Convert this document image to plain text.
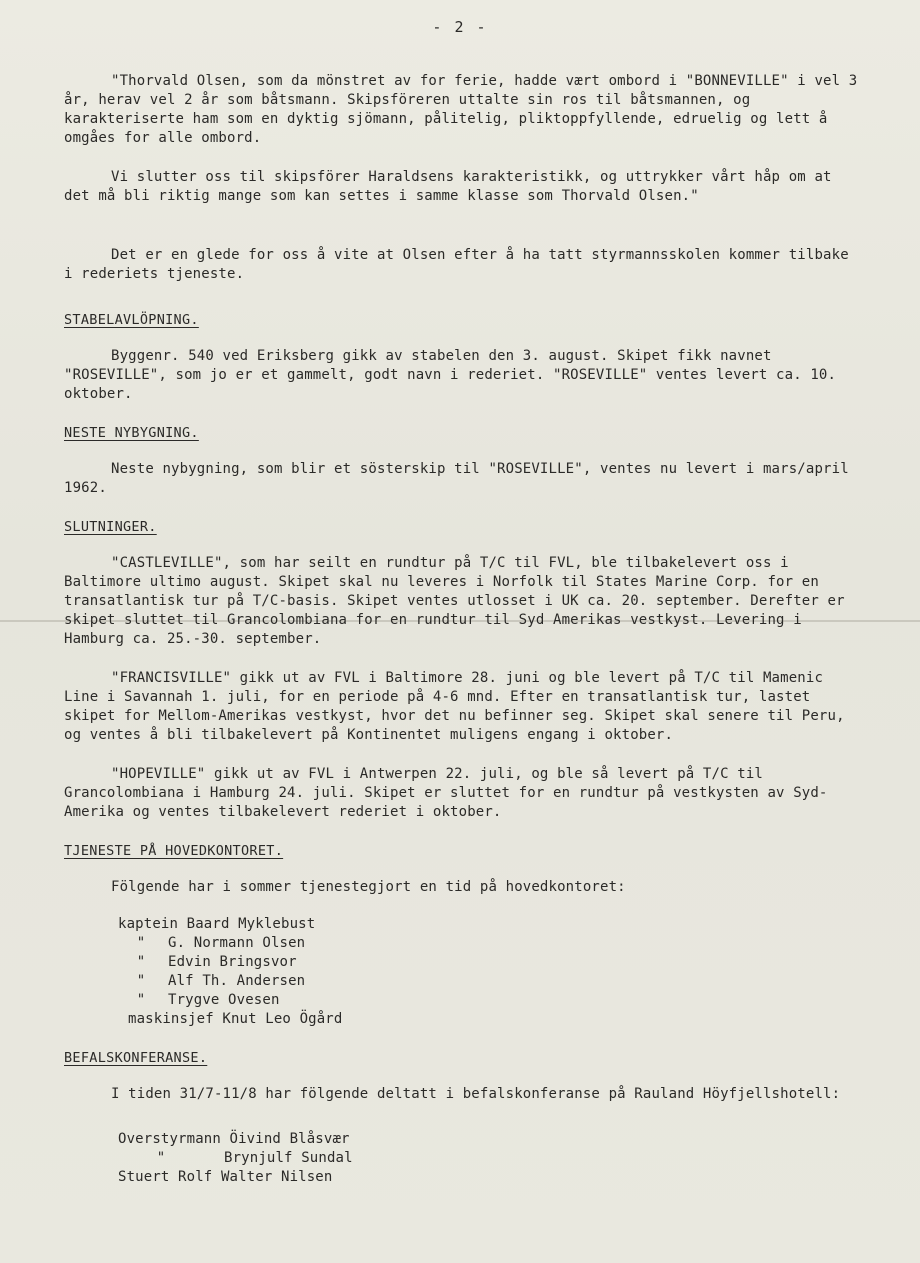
- 2 -

"Thorvald Olsen, som da mönstret av for ferie, hadde vært ombord i "BONNEVILLE" i vel 3 år, herav vel 2 år som båtsmann. Skipsföreren uttalte sin ros til båtsmannen, og karakteriserte ham som en dyktig sjömann, pålitelig, pliktoppfyllende, edruelig og lett å omgåes for alle ombord.

Vi slutter oss til skipsförer Haraldsens karakteristikk, og uttrykker vårt håp om at det må bli riktig mange som kan settes i samme klasse som Thorvald Olsen."

Det er en glede for oss å vite at Olsen efter å ha tatt styrmannsskolen kommer tilbake i rederiets tjeneste.

STABELAVLÖPNING.

Byggenr. 540 ved Eriksberg gikk av stabelen den 3. august. Skipet fikk navnet "ROSEVILLE", som jo er et gammelt, godt navn i rederiet. "ROSEVILLE" ventes levert ca. 10. oktober.

NESTE NYBYGNING.

Neste nybygning, som blir et sösterskip til "ROSEVILLE", ventes nu levert i mars/april 1962.

SLUTNINGER.

"CASTLEVILLE", som har seilt en rundtur på T/C til FVL, ble tilbakelevert oss i Baltimore ultimo august. Skipet skal nu leveres i Norfolk til States Marine Corp. for en transatlantisk tur på T/C-basis. Skipet ventes utlosset i UK ca. 20. september. Derefter er skipet sluttet til Grancolombiana for en rundtur til Syd Amerikas vestkyst. Levering i Hamburg ca. 25.-30. september.

"FRANCISVILLE" gikk ut av FVL i Baltimore 28. juni og ble levert på T/C til Mamenic Line i Savannah 1. juli, for en periode på 4-6 mnd. Efter en transatlantisk tur, lastet skipet for Mellom-Amerikas vestkyst, hvor det nu befinner seg. Skipet skal senere til Peru, og ventes å bli tilbakelevert på Kontinentet muligens engang i oktober.

"HOPEVILLE" gikk ut av FVL i Antwerpen 22. juli, og ble så levert på T/C til Grancolombiana i Hamburg 24. juli. Skipet er sluttet for en rundtur på vestkysten av Syd-Amerika og ventes tilbakelevert rederiet i oktober.

TJENESTE PÅ HOVEDKONTORET.

Fölgende har i sommer tjenestegjort en tid på hovedkontoret:

kaptein Baard Myklebust
"	G. Normann Olsen
"	Edvin Bringsvor
"	Alf Th. Andersen
"	Trygve Ovesen
maskinsjef Knut Leo Ögård
BEFALSKONFERANSE.

I tiden 31/7-11/8 har fölgende deltatt i befalskonferanse på Rauland Höyfjellshotell:

Overstyrmann Öivind Blåsvær
"	Brynjulf Sundal
Stuert Rolf Walter Nilsen
